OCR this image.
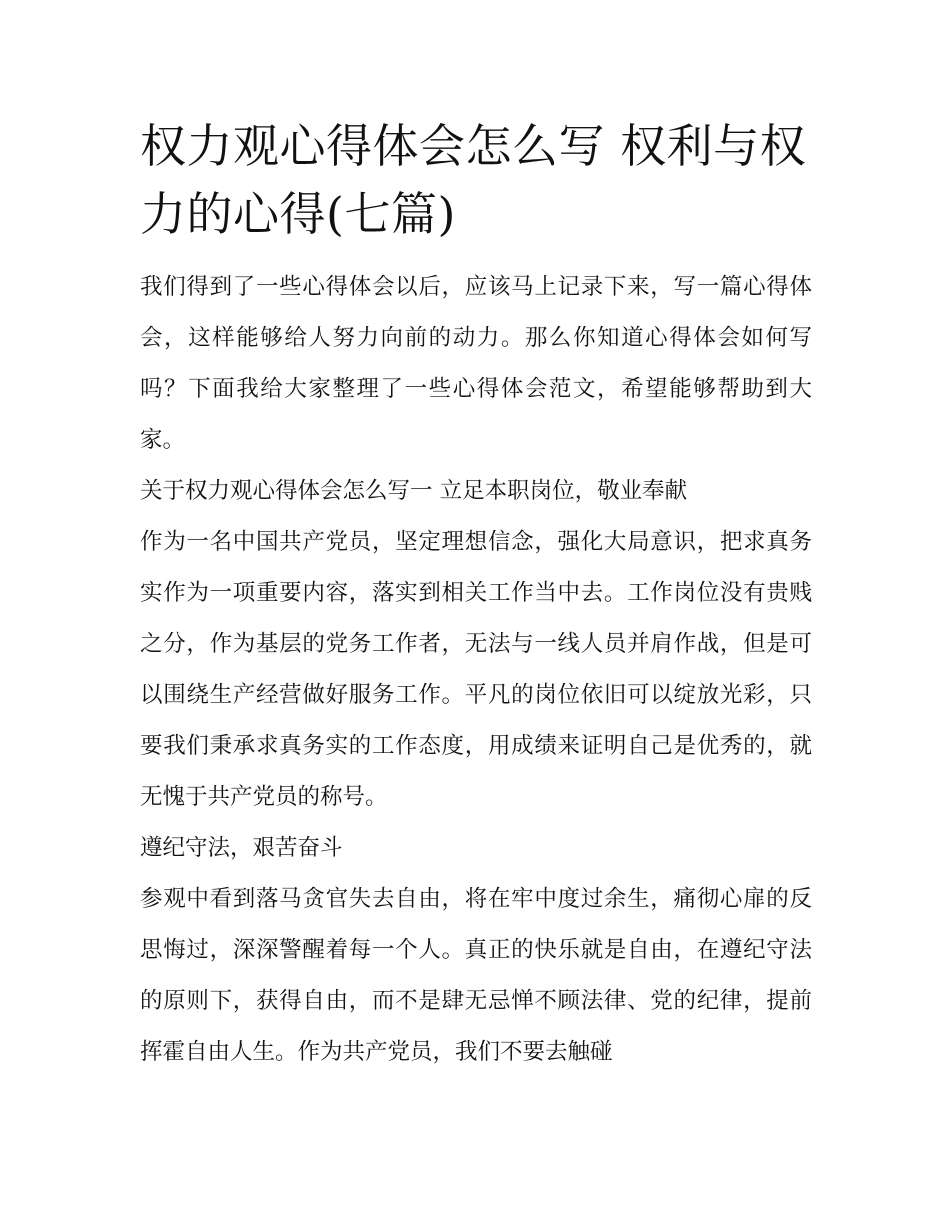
权力观心得体会怎么写 权利与权力的心得(七篇)

我们得到了一些心得体会以后，应该马上记录下来，写一篇心得体会，这样能够给人努力向前的动力。那么你知道心得体会如何写吗？下面我给大家整理了一些心得体会范文，希望能够帮助到大家。

关于权力观心得体会怎么写一 立足本职岗位，敬业奉献

作为一名中国共产党员，坚定理想信念，强化大局意识，把求真务实作为一项重要内容，落实到相关工作当中去。工作岗位没有贵贱之分，作为基层的党务工作者，无法与一线人员并肩作战，但是可以围绕生产经营做好服务工作。平凡的岗位依旧可以绽放光彩，只要我们秉承求真务实的工作态度，用成绩来证明自己是优秀的，就无愧于共产党员的称号。

遵纪守法，艰苦奋斗

参观中看到落马贪官失去自由，将在牢中度过余生，痛彻心扉的反思悔过，深深警醒着每一个人。真正的快乐就是自由，在遵纪守法的原则下，获得自由，而不是肆无忌惮不顾法律、党的纪律，提前挥霍自由人生。作为共产党员，我们不要去触碰
